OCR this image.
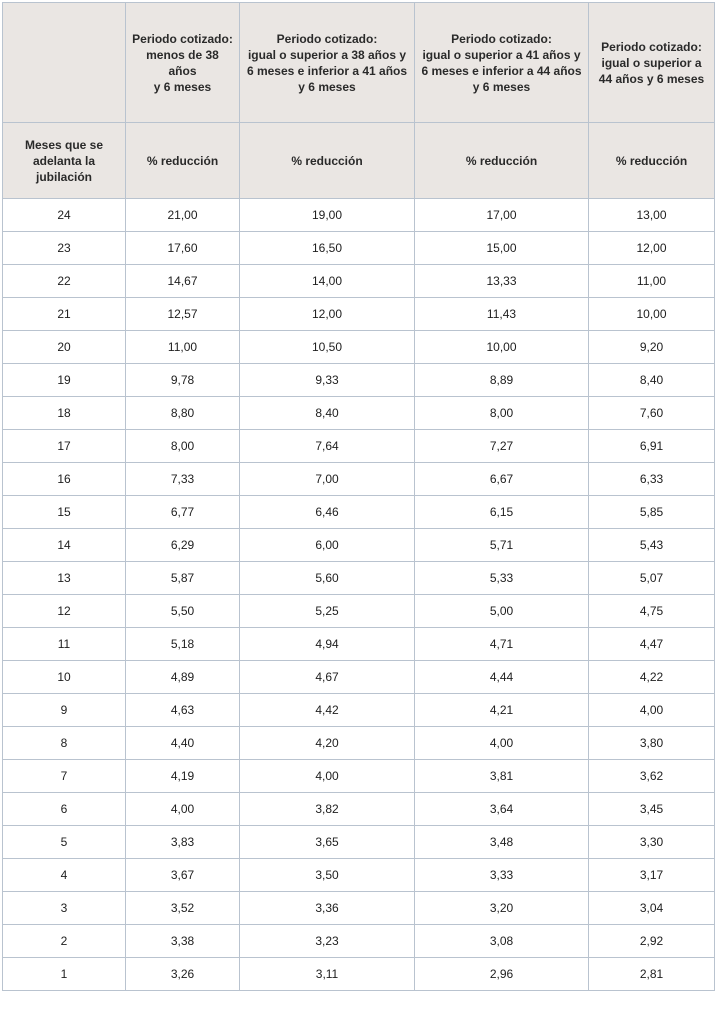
	Periodo cotizado:
menos de 38 años
y 6 meses	Periodo cotizado:
igual o superior a 38 años y
6 meses e inferior a 41 años
y 6 meses	Periodo cotizado:
igual o superior a 41 años y
6 meses e inferior a 44 años
y 6 meses	Periodo cotizado:
igual o superior a
44 años y 6 meses
Meses que se
adelanta la
jubilación	% reducción	% reducción	% reducción	% reducción
24	21,00	19,00	17,00	13,00
23	17,60	16,50	15,00	12,00
22	14,67	14,00	13,33	11,00
21	12,57	12,00	11,43	10,00
20	11,00	10,50	10,00	9,20
19	9,78	9,33	8,89	8,40
18	8,80	8,40	8,00	7,60
17	8,00	7,64	7,27	6,91
16	7,33	7,00	6,67	6,33
15	6,77	6,46	6,15	5,85
14	6,29	6,00	5,71	5,43
13	5,87	5,60	5,33	5,07
12	5,50	5,25	5,00	4,75
11	5,18	4,94	4,71	4,47
10	4,89	4,67	4,44	4,22
9	4,63	4,42	4,21	4,00
8	4,40	4,20	4,00	3,80
7	4,19	4,00	3,81	3,62
6	4,00	3,82	3,64	3,45
5	3,83	3,65	3,48	3,30
4	3,67	3,50	3,33	3,17
3	3,52	3,36	3,20	3,04
2	3,38	3,23	3,08	2,92
1	3,26	3,11	2,96	2,81
